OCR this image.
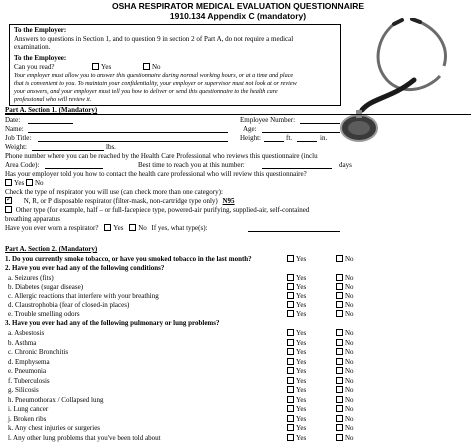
OSHA RESPIRATOR MEDICAL EVALUATION QUESTIONNAIRE
1910.134 Appendix C (mandatory)
To the Employer:
Answers to questions in Section 1, and to question 9 in section 2 of Part A, do not require a medical
examination.
To the Employee:
Can you read?	Yes	No
Your employer must allow you to answer this questionnaire during normal working hours, or at a time and place
that is convenient to you. To maintain your confidentiality, your employer or supervisor must not look at or review
your answers, and your employer must tell you how to deliver or send this questionnaire to the health care
professional who will review it.
Part A. Section 1. (Mandatory)
Date:	Employee Number:
Name:	Age:
Job Title:	Height:	ft.	in.
Weight:	lbs.
Phone number where you can be reached by the Health Care Professional who reviews this questionnaire (inclu
Area Code):	Best time to reach you at this number:	days
Has your employer told you how to contact the health care professional who will review this questionnaire?
Yes No
Check the type of respirator you will use (can check more than one category):
✓ N, R, or P disposable respirator (filter-mask, non-cartridge type only) N95
Other type (for example, half – or full-facepiece type, powered-air purifying, supplied-air, self-contained
breathing apparatus
Have you ever worn a respirator? Yes No If yes, what type(s):
Part A. Section 2. (Mandatory)
1. Do you currently smoke tobacco, or have you smoked tobacco in the last month?	Yes	No
2. Have you ever had any of the following conditions?
a. Seizures (fits)	Yes	No
b. Diabetes (sugar disease)	Yes	No
c. Allergic reactions that interfere with your breathing	Yes	No
d. Claustrophobia (fear of closed-in places)	Yes	No
e. Trouble smelling odors	Yes	No
3. Have you ever had any of the following pulmonary or lung problems?
a. Asbestosis	Yes	No
b. Asthma	Yes	No
c. Chronic Bronchitis	Yes	No
d. Emphysema	Yes	No
e. Pneumonia	Yes	No
f. Tuberculosis	Yes	No
g. Silicosis	Yes	No
h. Pneumothorax / Collapsed lung	Yes	No
i. Lung cancer	Yes	No
j. Broken ribs	Yes	No
k. Any chest injuries or surgeries	Yes	No
l. Any other lung problems that you've been told about	Yes	No
